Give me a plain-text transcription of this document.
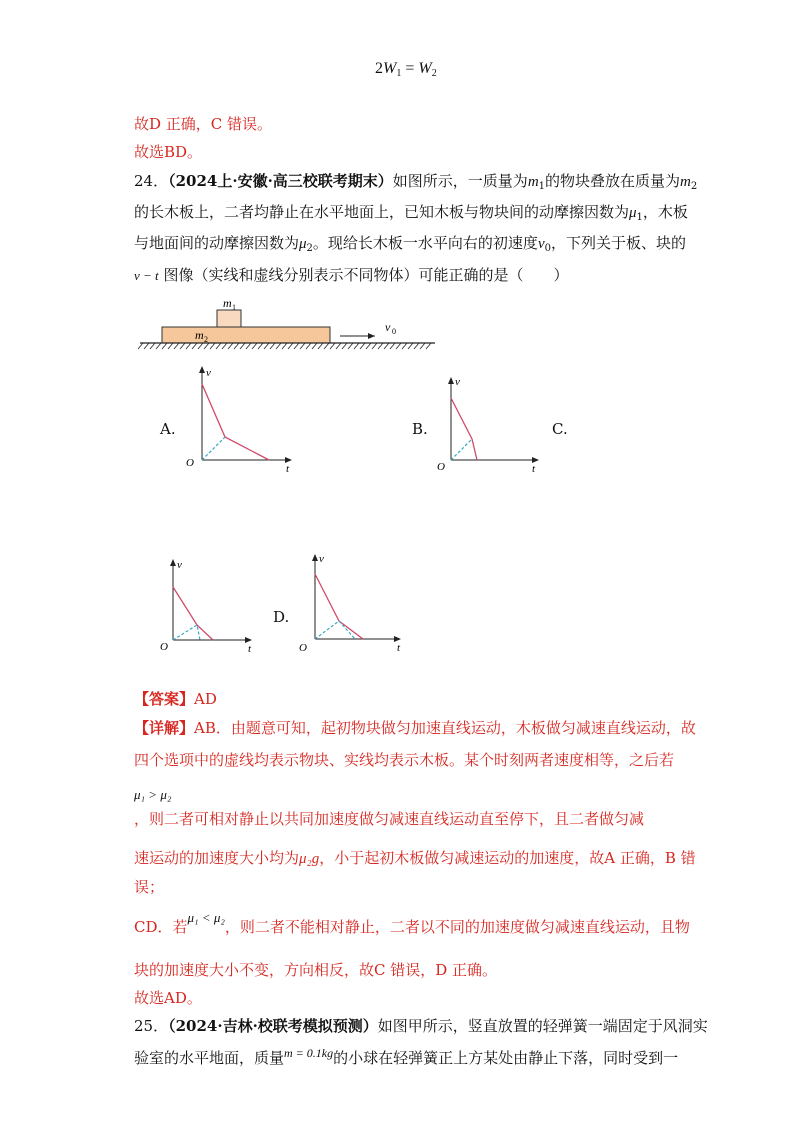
$2W_1 = W_2$
故D 正确，C 错误。
故选BD。
24．（2024上·安徽·高三校联考期末）如图所示，一质量为$m_1$的物块叠放在质量为$m_2$
的长木板上，二者均静止在水平地面上，已知木板与物块间的动摩擦因数为$\mu_1$，木板
与地面间的动摩擦因数为$\mu_2$。现给长木板一水平向右的初速度$v_0$，下列关于板、块的
v − t 图像（实线和虚线分别表示不同物体）可能正确的是（　　）
m 1
m 2
v 0
A.	B.	C.
D.
v
t
O
v
t
O
v
t
O
v
t
O
【答案】AD
【详解】AB．由题意可知，起初物块做匀加速直线运动，木板做匀减速直线运动，故
四个选项中的虚线均表示物块、实线均表示木板。某个时刻两者速度相等，之后若
μ₁ > μ₂
，则二者可相对静止以共同加速度做匀减速直线运动直至停下，且二者做匀减
速运动的加速度大小均为μ₂g，小于起初木板做匀减速运动的加速度，故A 正确，B 错
误；
CD．若μ₁ < μ₂，则二者不能相对静止，二者以不同的加速度做匀减速直线运动，且物
块的加速度大小不变，方向相反，故C 错误，D 正确。
故选AD。
25．（2024·吉林·校联考模拟预测）如图甲所示，竖直放置的轻弹簧一端固定于风洞实
验室的水平地面，质量$^{m = 0.1kg}$的小球在轻弹簧正上方某处由静止下落，同时受到一
